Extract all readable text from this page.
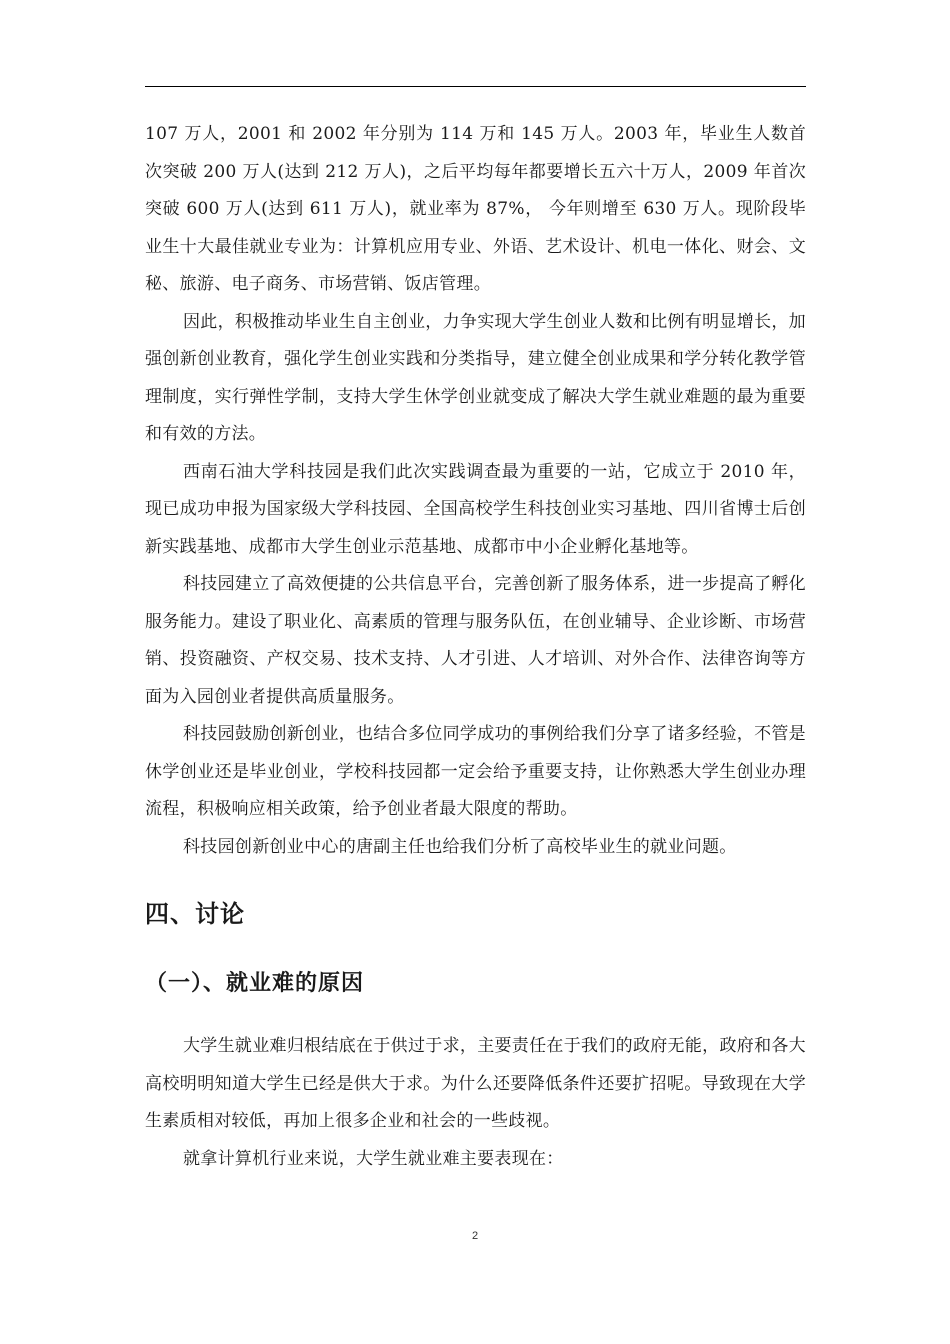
107 万人，2001 和 2002 年分别为 114 万和 145 万人。2003 年，毕业生人数首次突破 200 万人(达到 212 万人)，之后平均每年都要增长五六十万人，2009 年首次突破 600 万人(达到 611 万人)，就业率为 87%， 今年则增至 630 万人。现阶段毕业生十大最佳就业专业为：计算机应用专业、外语、艺术设计、机电一体化、财会、文秘、旅游、电子商务、市场营销、饭店管理。

因此，积极推动毕业生自主创业，力争实现大学生创业人数和比例有明显增长，加强创新创业教育，强化学生创业实践和分类指导，建立健全创业成果和学分转化教学管理制度，实行弹性学制，支持大学生休学创业就变成了解决大学生就业难题的最为重要和有效的方法。

西南石油大学科技园是我们此次实践调查最为重要的一站，它成立于 2010 年，现已成功申报为国家级大学科技园、全国高校学生科技创业实习基地、四川省博士后创新实践基地、成都市大学生创业示范基地、成都市中小企业孵化基地等。

科技园建立了高效便捷的公共信息平台，完善创新了服务体系，进一步提高了孵化服务能力。建设了职业化、高素质的管理与服务队伍，在创业辅导、企业诊断、市场营销、投资融资、产权交易、技术支持、人才引进、人才培训、对外合作、法律咨询等方面为入园创业者提供高质量服务。

科技园鼓励创新创业，也结合多位同学成功的事例给我们分享了诸多经验，不管是休学创业还是毕业创业，学校科技园都一定会给予重要支持，让你熟悉大学生创业办理流程，积极响应相关政策，给予创业者最大限度的帮助。

科技园创新创业中心的唐副主任也给我们分析了高校毕业生的就业问题。

四、讨论
（一）、就业难的原因

大学生就业难归根结底在于供过于求，主要责任在于我们的政府无能，政府和各大高校明明知道大学生已经是供大于求。为什么还要降低条件还要扩招呢。导致现在大学生素质相对较低，再加上很多企业和社会的一些歧视。

就拿计算机行业来说，大学生就业难主要表现在：

2
